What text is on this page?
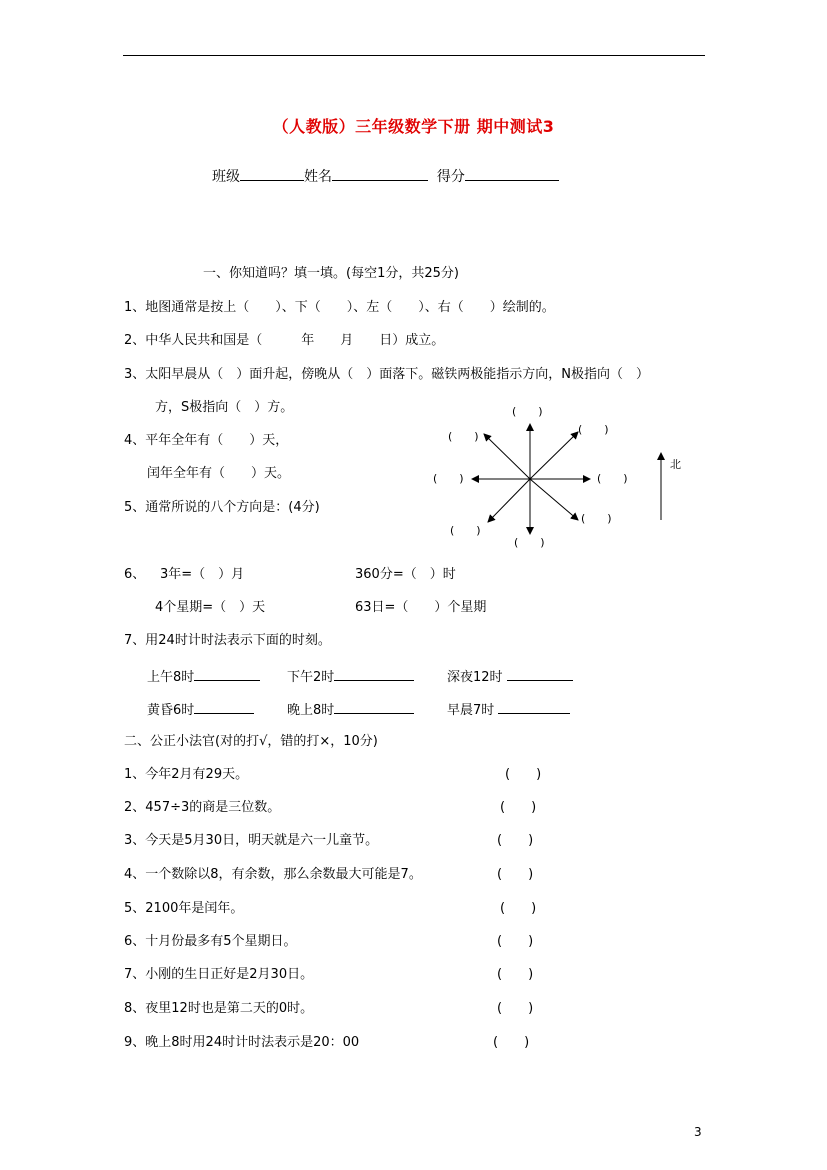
（人教版）三年级数学下册 期中测试3
班级	姓名	得分
一、你知道吗？填一填。(每空1分，共25分)
1、地图通常是按上（　　）、下（　　）、左（　　）、右（　　）绘制的。
2、中华人民共和国是（　　　年　　月　　日）成立。
3、太阳早晨从（　）面升起，傍晚从（　）面落下。磁铁两极能指示方向，N极指向（　）
方，S极指向（　）方。
4、平年全年有（　　）天，
闰年全年有（　　）天。
5、通常所说的八个方向是：(4分)
6、 3年=（　）月	360分=（　）时
4个星期=（　）天	63日=（　　）个星期
7、用24时计时法表示下面的时刻。
上午8时	下午2时	深夜12时
黄昏6时	晚上8时	早晨7时
(　　)
(　　)
(　　)
(　　)	(　　)
(　　)
(　　)
(　　)
北
二、公正小法官(对的打√，错的打×，10分)
1、今年2月有29天。	(　　)
2、457÷3的商是三位数。	(　　)
3、今天是5月30日，明天就是六一儿童节。	(　　)
4、一个数除以8，有余数，那么余数最大可能是7。	(　　)
5、2100年是闰年。	(　　)
6、十月份最多有5个星期日。	(　　)
7、小刚的生日正好是2月30日。	(　　)
8、夜里12时也是第二天的0时。	(　　)
9、晚上8时用24时计时法表示是20：00	(　　)
3
